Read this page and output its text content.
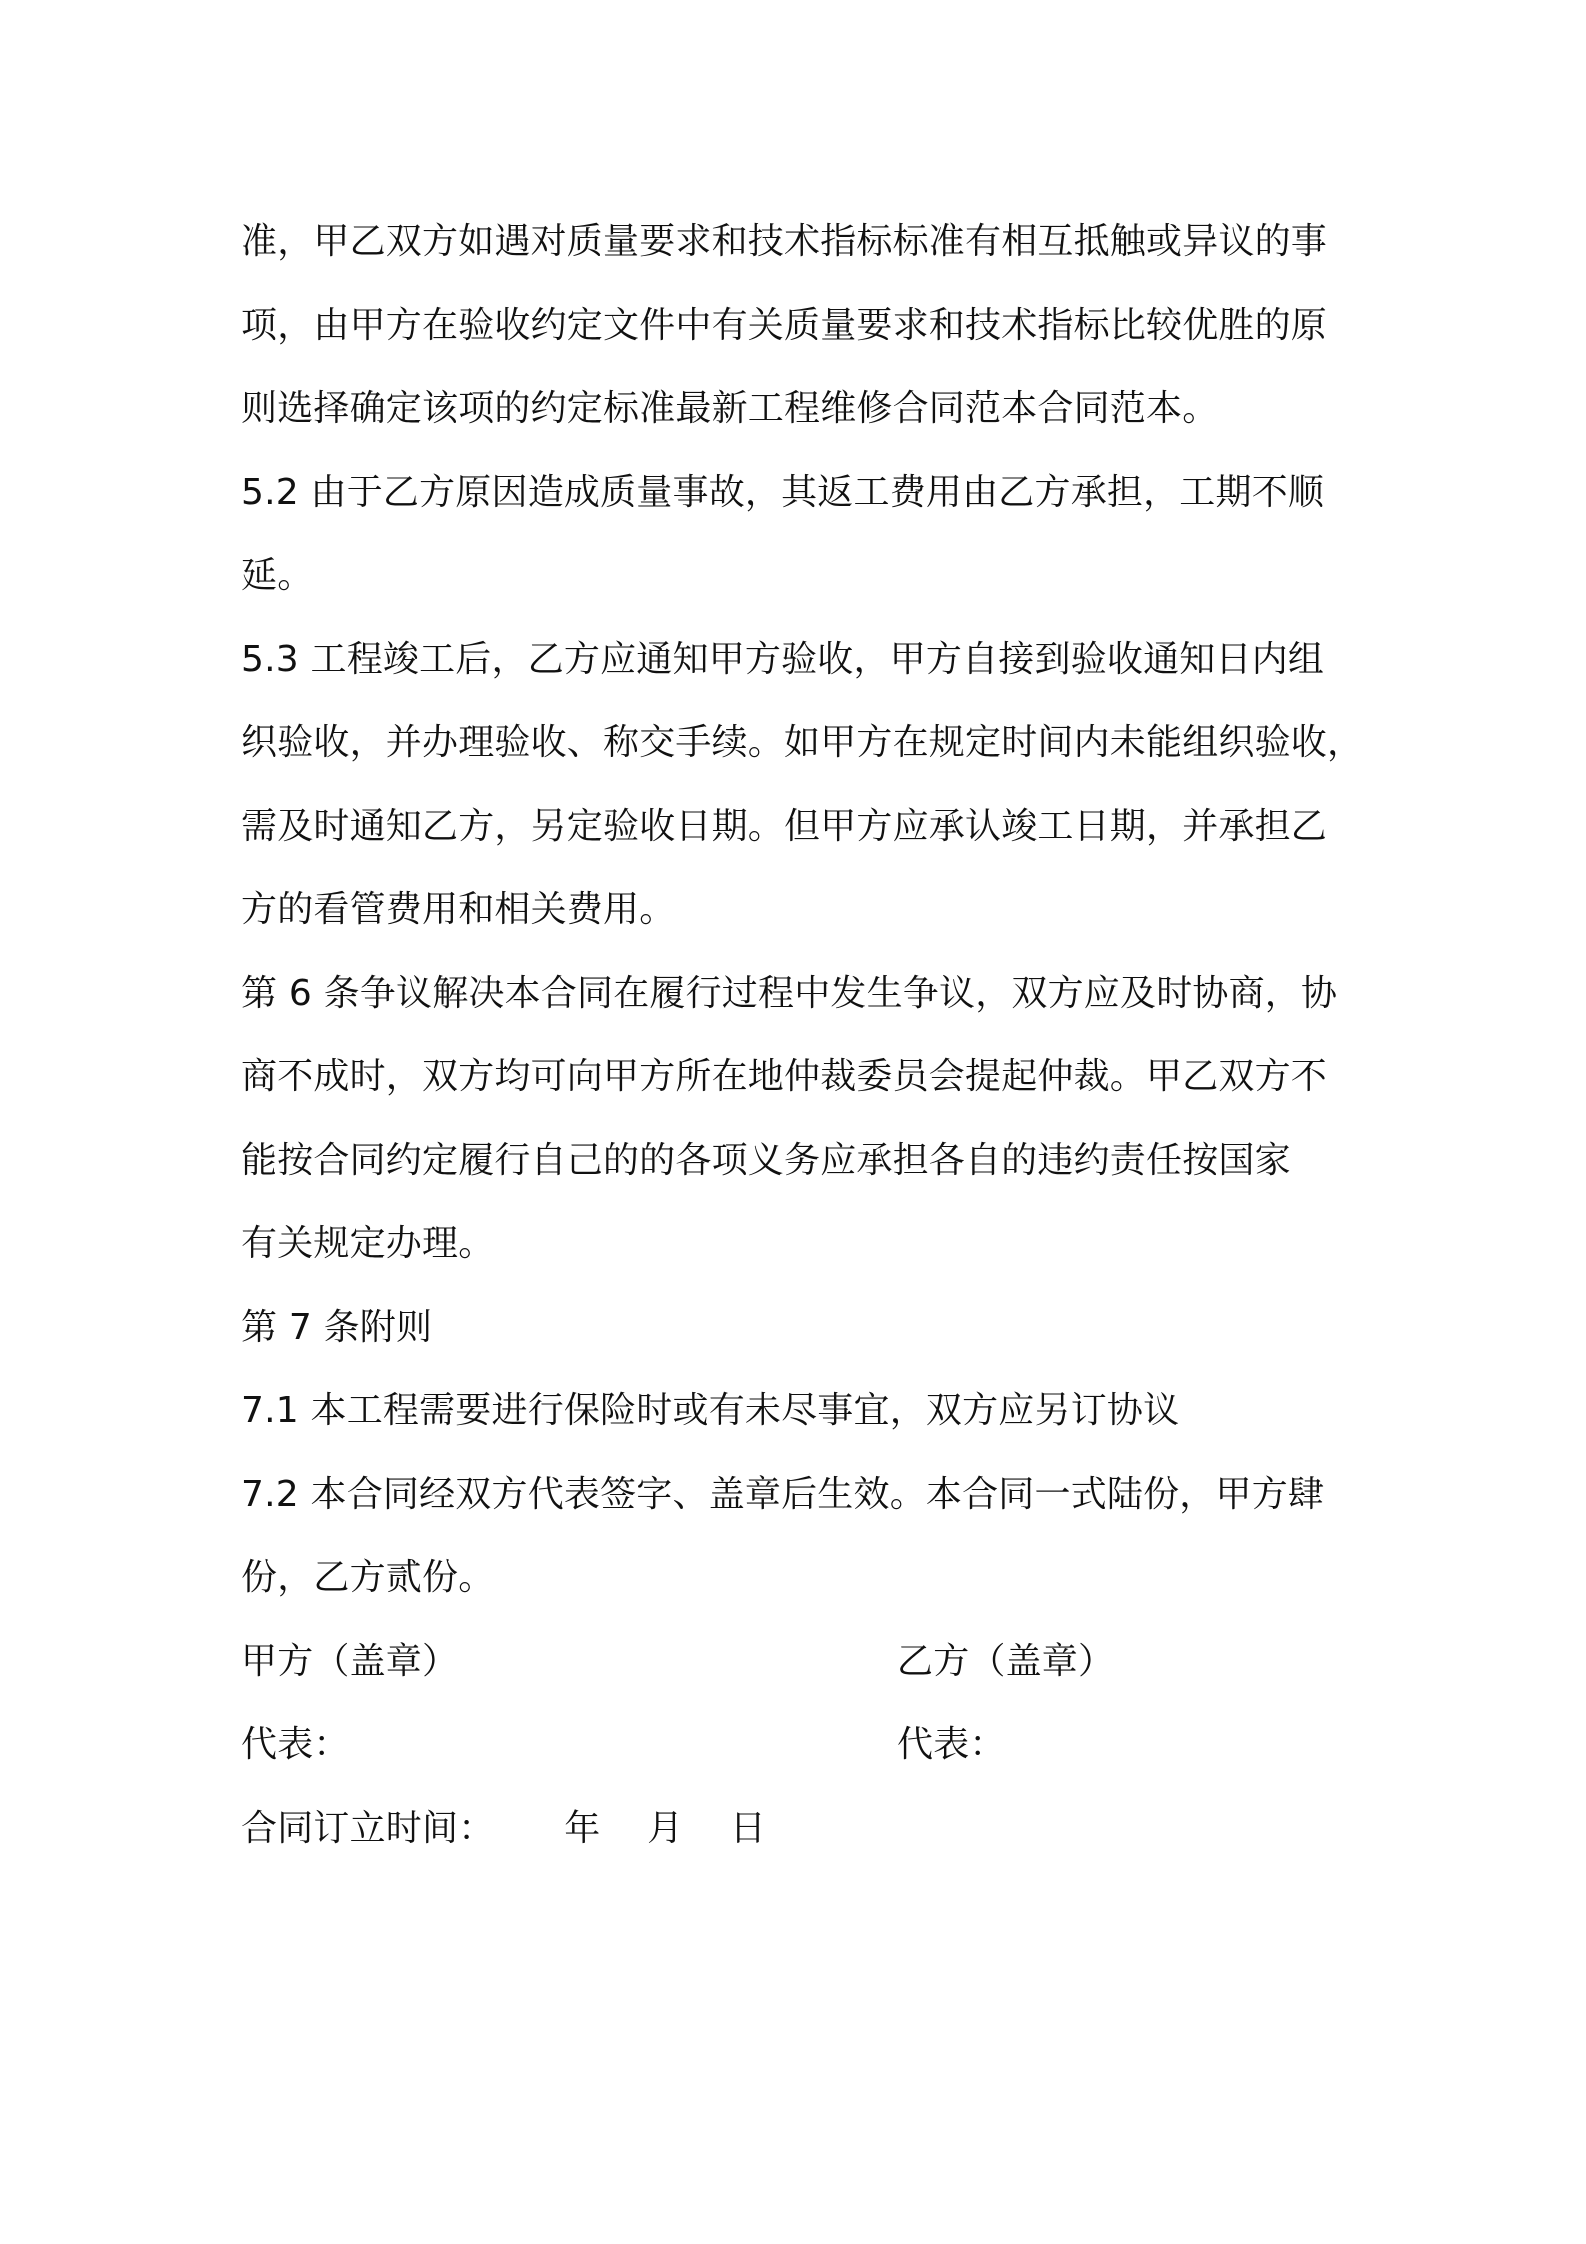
准，甲乙双方如遇对质量要求和技术指标标准有相互抵触或异议的事
项，由甲方在验收约定文件中有关质量要求和技术指标比较优胜的原
则选择确定该项的约定标准最新工程维修合同范本合同范本。
5.2 由于乙方原因造成质量事故，其返工费用由乙方承担，工期不顺
延。
5.3 工程竣工后，乙方应通知甲方验收，甲方自接到验收通知日内组
织验收，并办理验收、称交手续。如甲方在规定时间内未能组织验收，
需及时通知乙方，另定验收日期。但甲方应承认竣工日期，并承担乙
方的看管费用和相关费用。
第 6 条争议解决本合同在履行过程中发生争议，双方应及时协商，协
商不成时，双方均可向甲方所在地仲裁委员会提起仲裁。甲乙双方不
能按合同约定履行自己的的各项义务应承担各自的违约责任按国家
有关规定办理。
第 7 条附则
7.1 本工程需要进行保险时或有未尽事宜，双方应另订协议
7.2 本合同经双方代表签字、盖章后生效。本合同一式陆份，甲方肆
份，乙方贰份。
甲方（盖章）	乙方（盖章）
代表：	代表：
合同订立时间： 年 月 日
